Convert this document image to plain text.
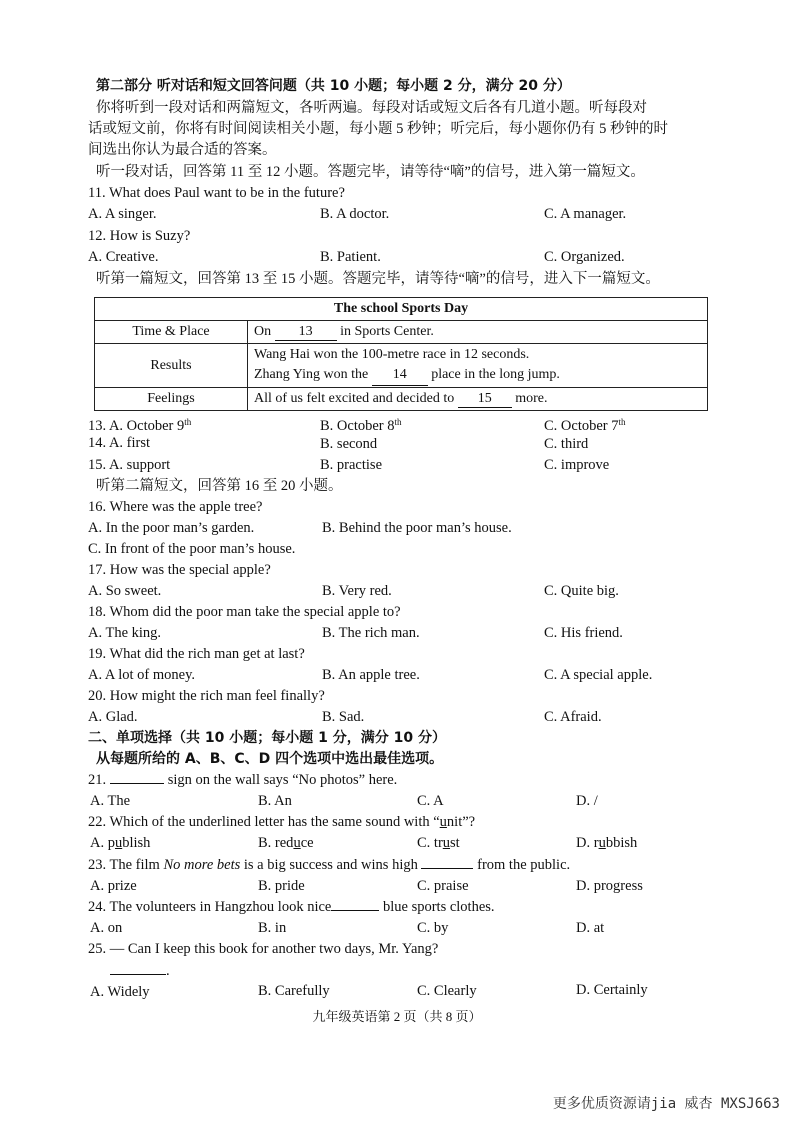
第二部分 听对话和短文回答问题（共 10 小题；每小题 2 分，满分 20 分）
你将听到一段对话和两篇短文，各听两遍。每段对话或短文后各有几道小题。听每段对
话或短文前，你将有时间阅读相关小题，每小题 5 秒钟；听完后，每小题你仍有 5 秒钟的时
间选出你认为最合适的答案。
听一段对话，回答第 11 至 12 小题。答题完毕，请等待“嘀”的信号，进入第一篇短文。
11. What does Paul want to be in the future?
A. A singer.	B. A doctor.	C. A manager.
12. How is Suzy?
A. Creative.	B. Patient.	C. Organized.
听第一篇短文，回答第 13 至 15 小题。答题完毕，请等待“嘀”的信号，进入下一篇短文。
The school Sports Day	
Time & Place	On 13 in Sports Center.
Results	Wang Hai won the 100-metre race in 12 seconds.
Zhang Ying won the 14 place in the long jump.

Feelings	All of us felt excited and decided to 15 more.
13. A. October 9th	B. October 8th	C. October 7th
14. A. first	B. second	C. third
15. A. support	B. practise	C. improve
听第二篇短文，回答第 16 至 20 小题。
16. Where was the apple tree?
A. In the poor man’s garden.	B. Behind the poor man’s house.
C. In front of the poor man’s house.
17. How was the special apple?
A. So sweet.	B. Very red.	C. Quite big.
18. Whom did the poor man take the special apple to?
A. The king.	B. The rich man.	C. His friend.
19. What did the rich man get at last?
A. A lot of money.	B. An apple tree.	C. A special apple.
20. How might the rich man feel finally?
A. Glad.	B. Sad.	C. Afraid.
二、单项选择（共 10 小题；每小题 1 分，满分 10 分）
从每题所给的 A、B、C、D 四个选项中选出最佳选项。
21.	sign on the wall says “No photos” here.
A. The	B. An	C. A	D. /
22. Which of the underlined letter has the same sound with “unit”?
A. publish	B. reduce	C. trust	D. rubbish
23. The film No more bets is a big success and wins high	from the public.
A. prize	B. pride	C. praise	D. progress
24. The volunteers in Hangzhou look nice	blue sports clothes.
A. on	B. in	C. by	D. at
25. — Can I keep this book for another two days, Mr. Yang?
.
A. Widely	B. Carefully	C. Clearly	D. Certainly
九年级英语第 2 页（共 8 页）
更多优质资源请jia 威杏 MXSJ663
